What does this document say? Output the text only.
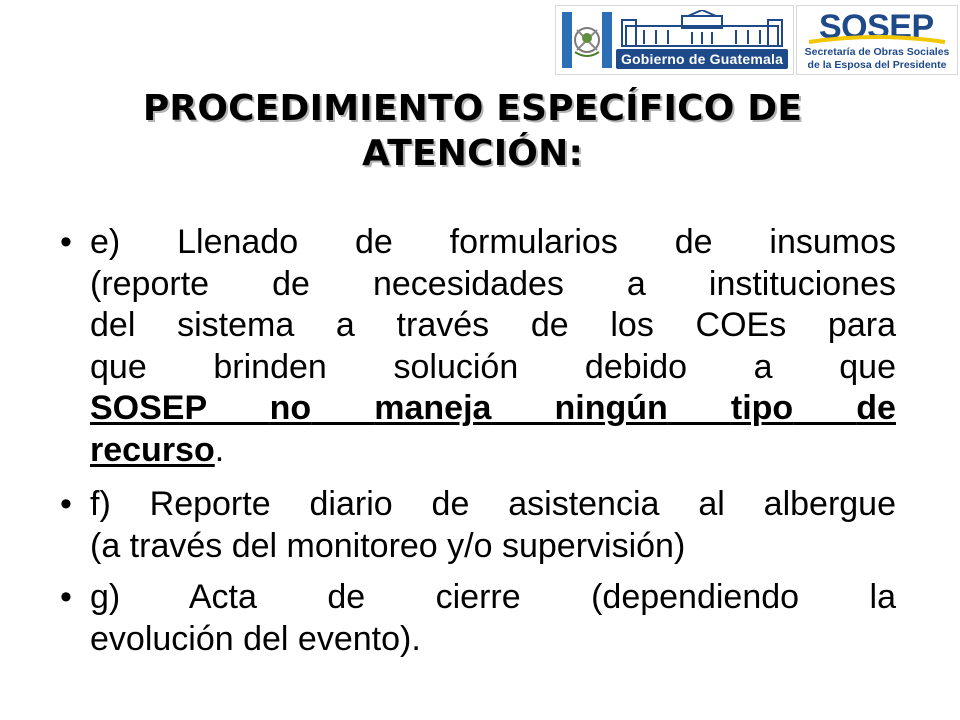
Gobierno de Guatemala
SOSEP
Secretaría de Obras Sociales
de la Esposa del Presidente
PROCEDIMIENTO ESPECÍFICO DE
ATENCIÓN:
• e) Llenado de formularios de insumos
(reporte de necesidades a instituciones
del sistema a través de los COEs para
que brinden solución debido a que
SOSEP no maneja ningún tipo de
recurso.
• f) Reporte diario de asistencia al albergue
(a través del monitoreo y/o supervisión)
• g) Acta de cierre (dependiendo la
evolución del evento).
